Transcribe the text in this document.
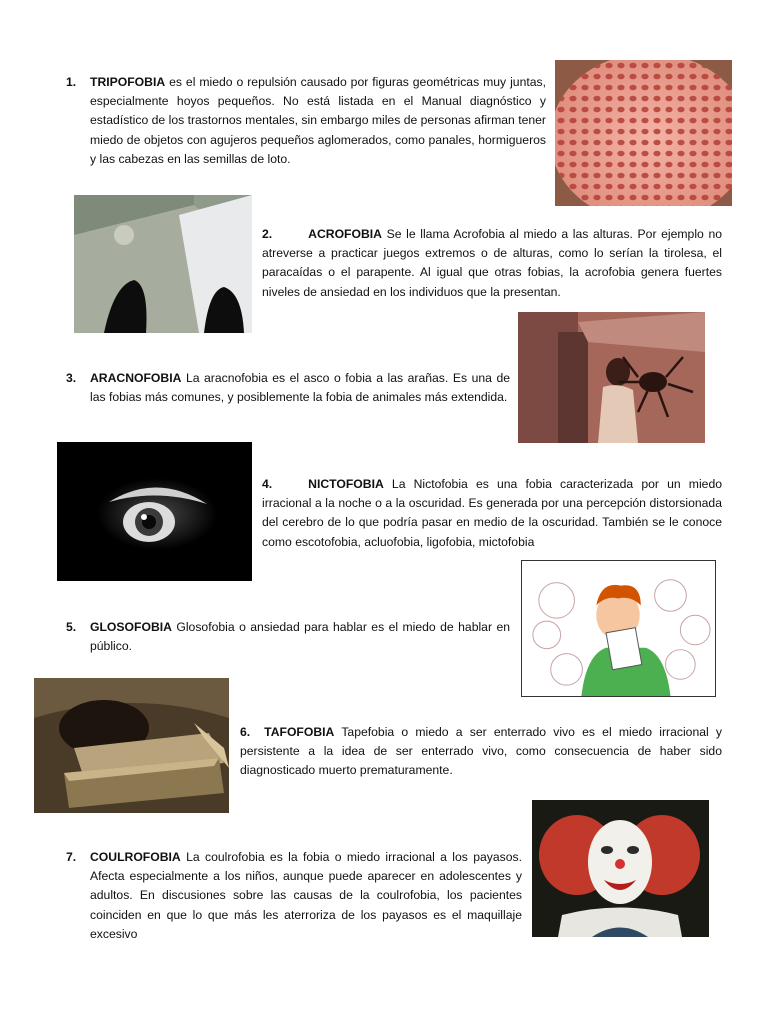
1. TRIPOFOBIA es el miedo o repulsión causado por figuras geométricas muy juntas, especialmente hoyos pequeños. No está listada en el Manual diagnóstico y estadístico de los trastornos mentales, sin embargo miles de personas afirman tener miedo de objetos con agujeros pequeños aglomerados, como panales, hormigueros y las cabezas en las semillas de loto.
2.	ACROFOBIA Se le llama Acrofobia al miedo a las alturas. Por ejemplo no atreverse a practicar juegos extremos o de alturas, como lo serían la tirolesa, el paracaídas o el parapente. Al igual que otras fobias, la acrofobia genera fuertes niveles de ansiedad en los individuos que la presentan.
3. ARACNOFOBIA La aracnofobia es el asco o fobia a las arañas. Es una de las fobias más comunes, y posiblemente la fobia de animales más extendida.
4.	NICTOFOBIA La Nictofobia es una fobia caracterizada por un miedo irracional a la noche o a la oscuridad. Es generada por una percepción distorsionada del cerebro de lo que podría pasar en medio de la oscuridad. También se le conoce como escotofobia, acluofobia, ligofobia, mictofobia
5. GLOSOFOBIA Glosofobia o ansiedad para hablar es el miedo de hablar en público.
6. TAFOFOBIA Tapefobia o miedo a ser enterrado vivo es el miedo irracional y persistente a la idea de ser enterrado vivo, como consecuencia de haber sido diagnosticado muerto prematuramente.
7. COULROFOBIA La coulrofobia es la fobia o miedo irracional a los payasos. Afecta especialmente a los niños, aunque puede aparecer en adolescentes y adultos. En discusiones sobre las causas de la coulrofobia, los pacientes coinciden en que lo que más les aterroriza de los payasos es el maquillaje excesivo
